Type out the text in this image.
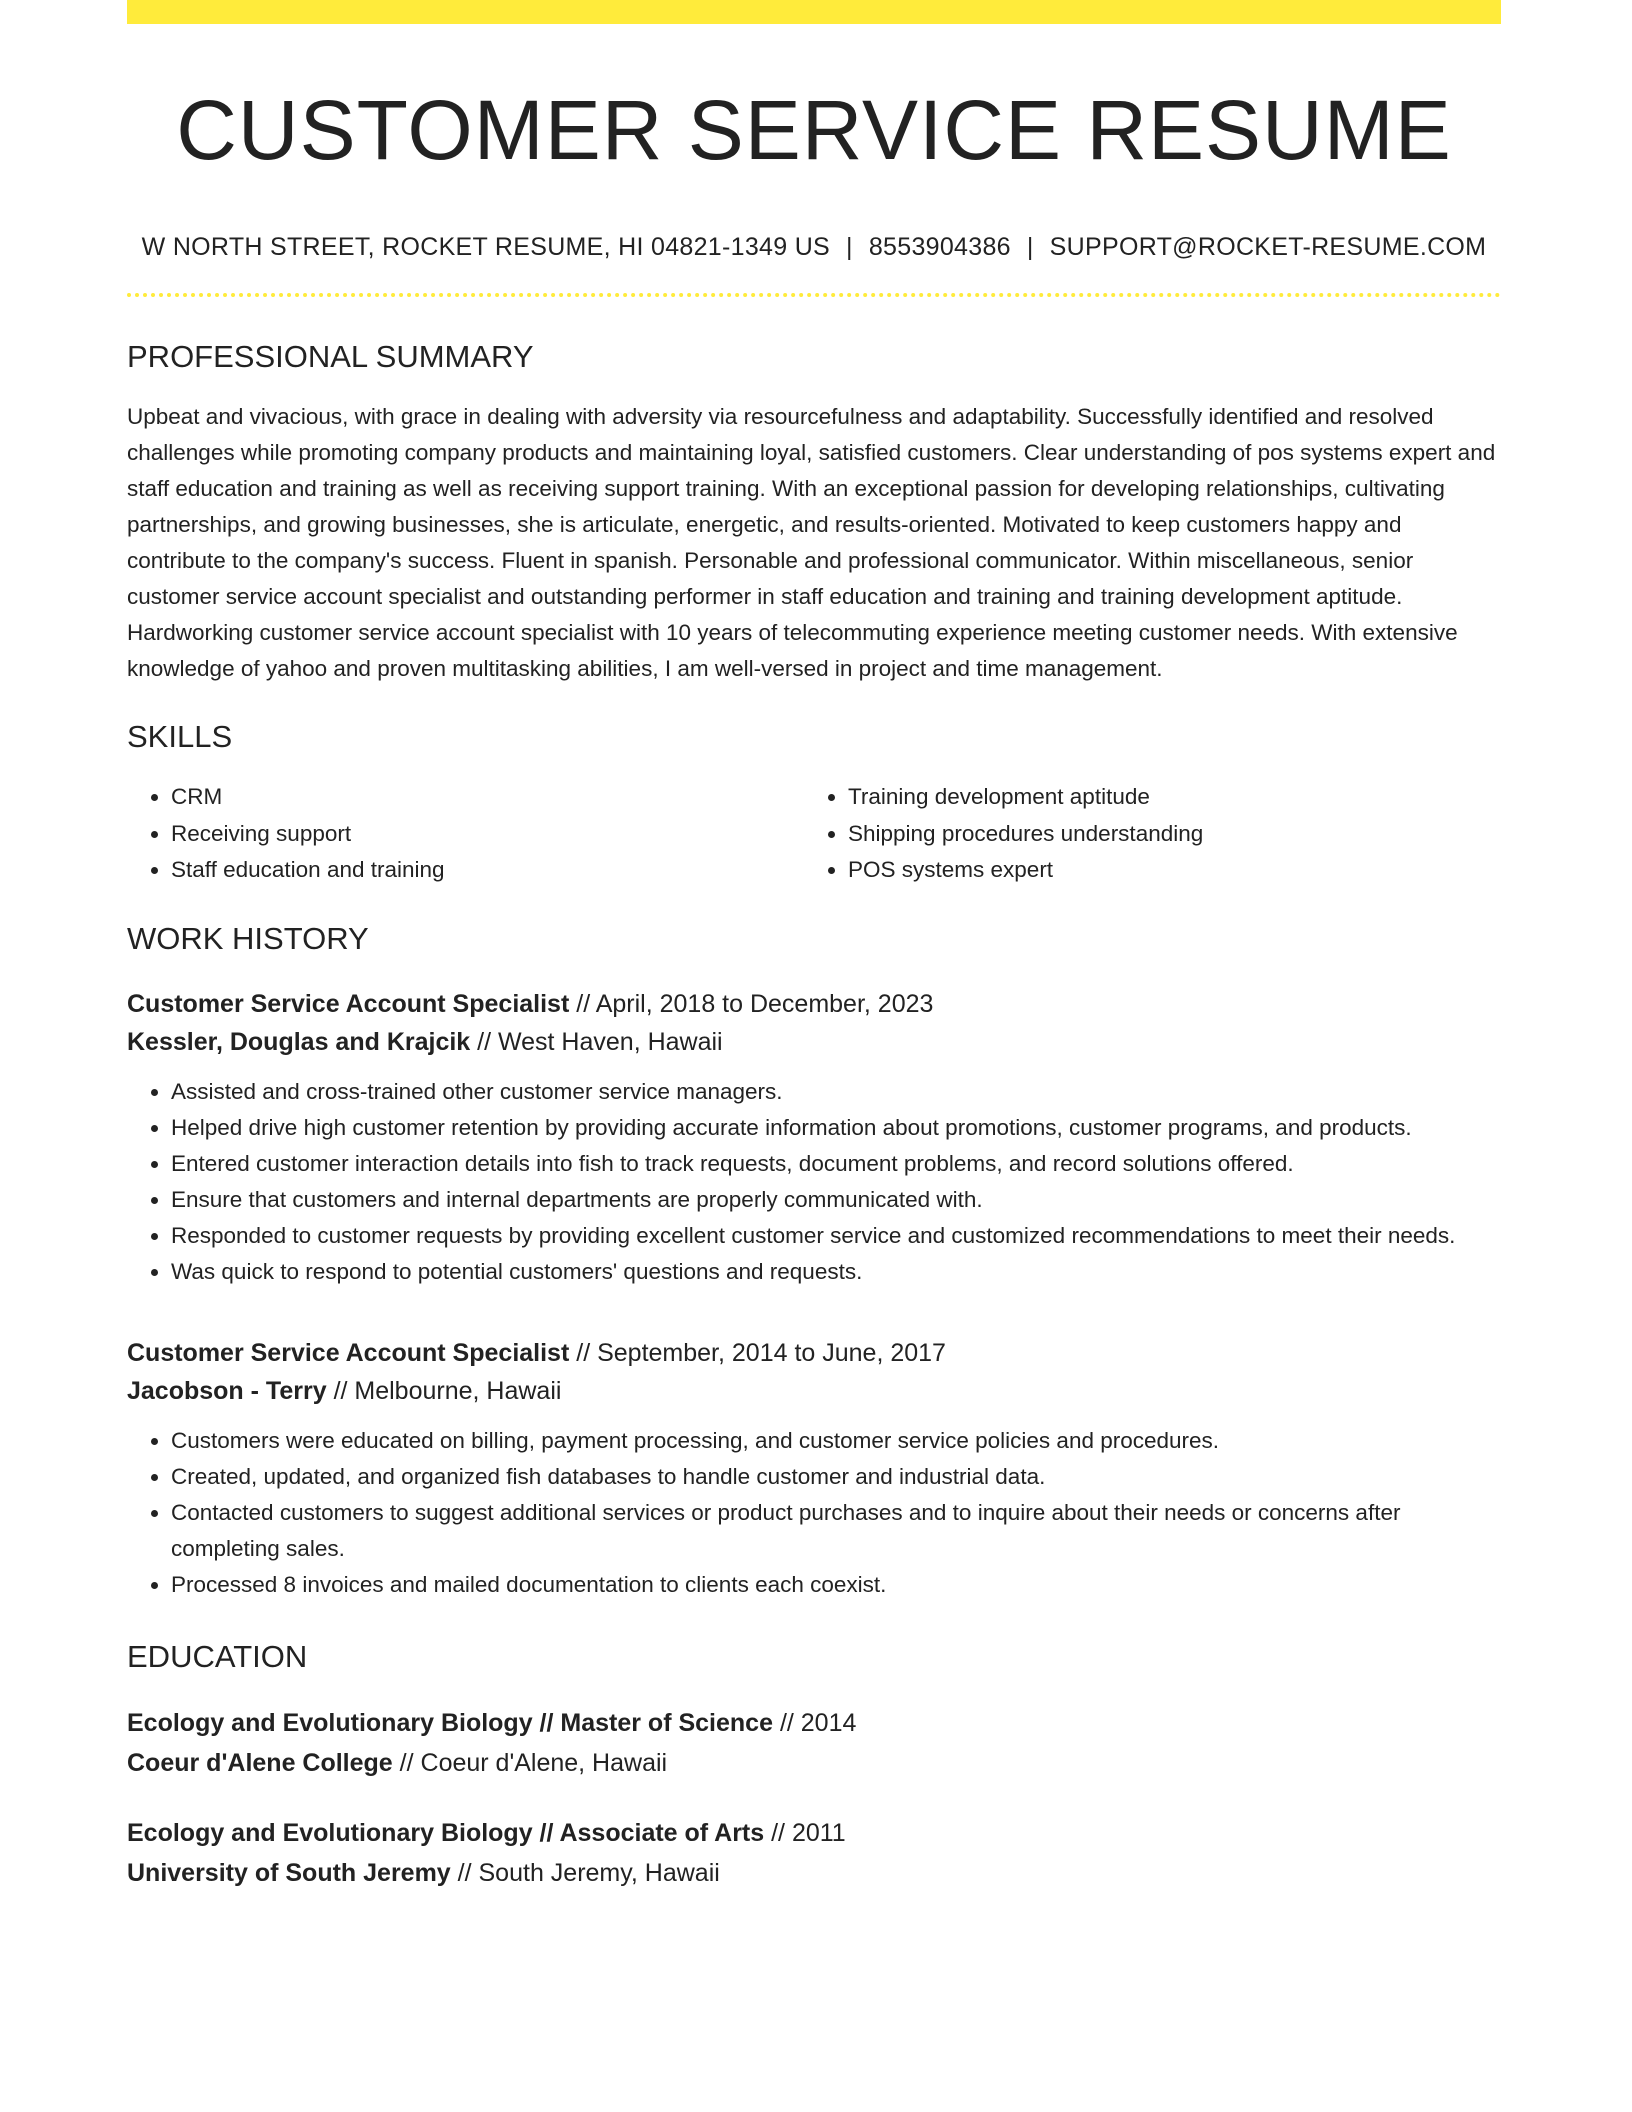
CUSTOMER SERVICE RESUME
W NORTH STREET, ROCKET RESUME, HI 04821-1349 US | 8553904386 | SUPPORT@ROCKET-RESUME.COM
PROFESSIONAL SUMMARY
Upbeat and vivacious, with grace in dealing with adversity via resourcefulness and adaptability. Successfully identified and resolved challenges while promoting company products and maintaining loyal, satisfied customers. Clear understanding of pos systems expert and staff education and training as well as receiving support training. With an exceptional passion for developing relationships, cultivating partnerships, and growing businesses, she is articulate, energetic, and results-oriented. Motivated to keep customers happy and contribute to the company's success. Fluent in spanish. Personable and professional communicator. Within miscellaneous, senior customer service account specialist and outstanding performer in staff education and training and training development aptitude. Hardworking customer service account specialist with 10 years of telecommuting experience meeting customer needs. With extensive knowledge of yahoo and proven multitasking abilities, I am well-versed in project and time management.
SKILLS
• CRM
• Receiving support
• Staff education and training
• Training development aptitude
• Shipping procedures understanding
• POS systems expert
WORK HISTORY
Customer Service Account Specialist // April, 2018 to December, 2023
Kessler, Douglas and Krajcik // West Haven, Hawaii
• Assisted and cross-trained other customer service managers.
• Helped drive high customer retention by providing accurate information about promotions, customer programs, and products.
• Entered customer interaction details into fish to track requests, document problems, and record solutions offered.
• Ensure that customers and internal departments are properly communicated with.
• Responded to customer requests by providing excellent customer service and customized recommendations to meet their needs.
• Was quick to respond to potential customers' questions and requests.
Customer Service Account Specialist // September, 2014 to June, 2017
Jacobson - Terry // Melbourne, Hawaii
• Customers were educated on billing, payment processing, and customer service policies and procedures.
• Created, updated, and organized fish databases to handle customer and industrial data.
• Contacted customers to suggest additional services or product purchases and to inquire about their needs or concerns after completing sales.
• Processed 8 invoices and mailed documentation to clients each coexist.
EDUCATION
Ecology and Evolutionary Biology // Master of Science // 2014
Coeur d'Alene College // Coeur d'Alene, Hawaii
Ecology and Evolutionary Biology // Associate of Arts // 2011
University of South Jeremy // South Jeremy, Hawaii
